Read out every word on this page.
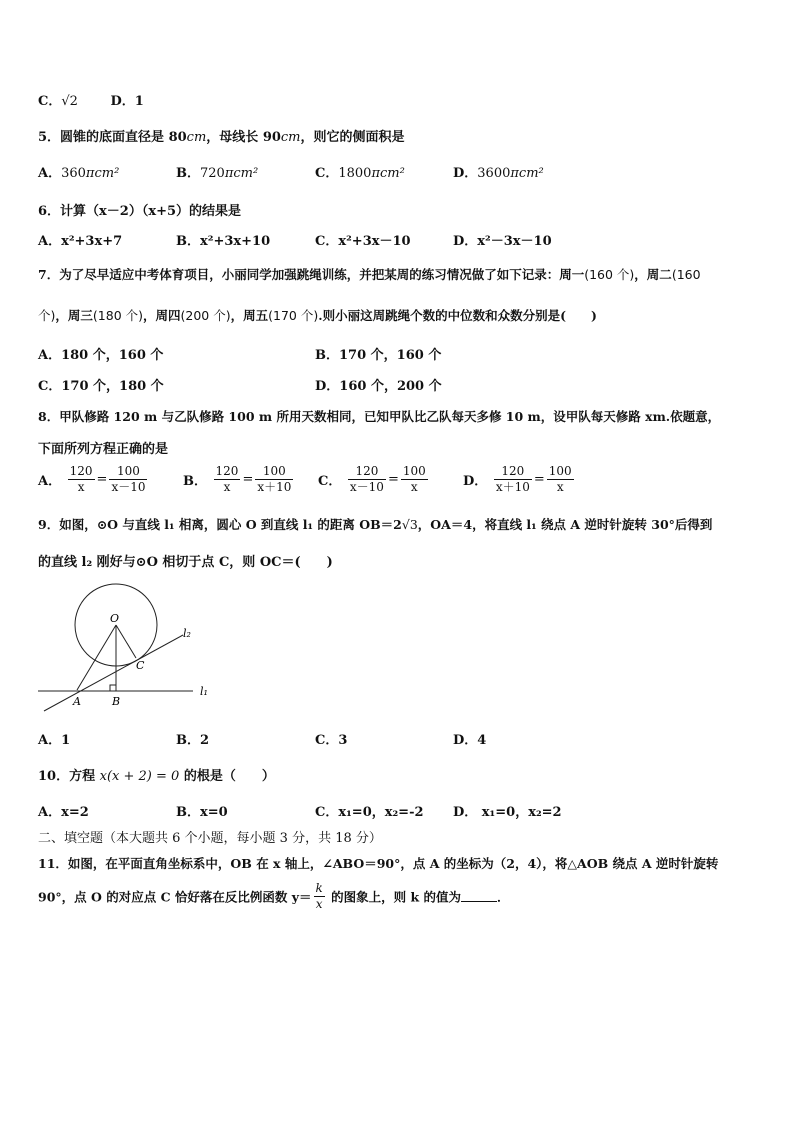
C．√2	D．1
5．圆锥的底面直径是 80cm，母线长 90cm，则它的侧面积是
A．360πcm²	B．720πcm²	C．1800πcm²	D．3600πcm²
6．计算（x－2）（x+5）的结果是
A．x²+3x+7	B．x²+3x+10	C．x²+3x－10	D．x²－3x－10
7．为了尽早适应中考体育项目，小丽同学加强跳绳训练，并把某周的练习情况做了如下记录：周一(160 个)，周二(160
个)，周三(180 个)，周四(200 个)，周五(170 个).则小丽这周跳绳个数的中位数和众数分别是(　　)
A．180 个，160 个	B．170 个，160 个
C．170 个，180 个	D．160 个，200 个
8．甲队修路 120 m 与乙队修路 100 m 所用天数相同，已知甲队比乙队每天多修 10 m，设甲队每天修路 xm.依题意，
下面所列方程正确的是
A． $\frac{120}{x} = \frac{100}{x-10}$	B． $\frac{120}{x} = \frac{100}{x+10}$ C． $\frac{120}{x-10} = \frac{100}{x}$	D． $\frac{120}{x+10} = \frac{100}{x}$
9．如图，⊙O 与直线 l₁ 相离，圆心 O 到直线 l₁ 的距离 OB＝2√3，OA＝4，将直线 l₁ 绕点 A 逆时针旋转 30°后得到
的直线 l₂ 刚好与⊙O 相切于点 C，则 OC＝(　　)
O
C
A	B
l₁
l₂
A．1	B．2	C．3	D．4
10．方程 x(x + 2) = 0 的根是（　　）
A．x=2	B．x=0	C．x₁=0，x₂=-2 D． x₁=0，x₂=2
二、填空题（本大题共 6 个小题，每小题 3 分，共 18 分）
11．如图，在平面直角坐标系中，OB 在 x 轴上，∠ABO＝90°，点 A 的坐标为（2，4），将△AOB 绕点 A 逆时针旋转
90°，点 O 的对应点 C 恰好落在反比例函数 $y= \frac{k}{x}$ 的图象上，则 k 的值为	．
